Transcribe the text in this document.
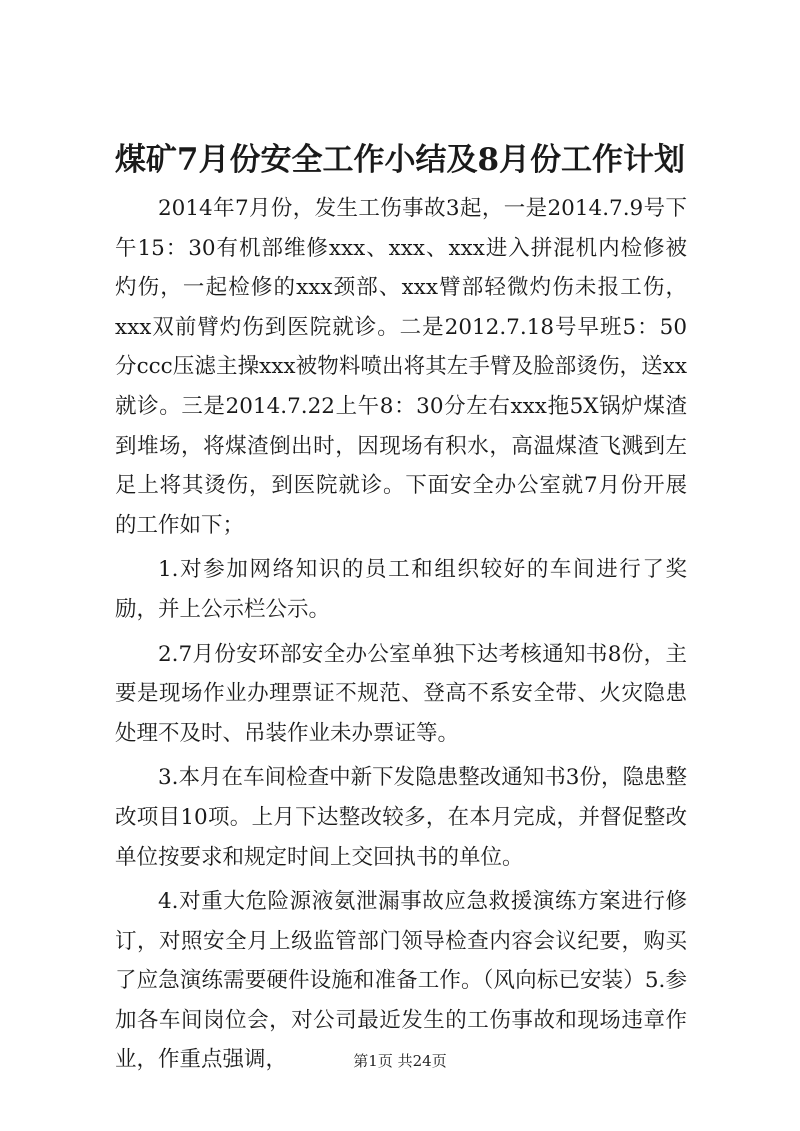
煤矿7月份安全工作小结及8月份工作计划

2014年7月份，发生工伤事故3起，一是2014.7.9号下午15：30有机部维修xxx、xxx、xxx进入拼混机内检修被灼伤，一起检修的xxx颈部、xxx臂部轻微灼伤未报工伤，xxx双前臂灼伤到医院就诊。二是2012.7.18号早班5：50分ccc压滤主操xxx被物料喷出将其左手臂及脸部烫伤，送xx就诊。三是2014.7.22上午8：30分左右xxx拖5X锅炉煤渣到堆场，将煤渣倒出时，因现场有积水，高温煤渣飞溅到左足上将其烫伤，到医院就诊。下面安全办公室就7月份开展的工作如下；

1.对参加网络知识的员工和组织较好的车间进行了奖励，并上公示栏公示。

2.7月份安环部安全办公室单独下达考核通知书8份，主要是现场作业办理票证不规范、登高不系安全带、火灾隐患处理不及时、吊装作业未办票证等。

3.本月在车间检查中新下发隐患整改通知书3份，隐患整改项目10项。上月下达整改较多，在本月完成，并督促整改单位按要求和规定时间上交回执书的单位。

4.对重大危险源液氨泄漏事故应急救援演练方案进行修订，对照安全月上级监管部门领导检查内容会议纪要，购买了应急演练需要硬件设施和准备工作。（风向标已安装）5.参加各车间岗位会，对公司最近发生的工伤事故和现场违章作业，作重点强调，	第1页 共24页
